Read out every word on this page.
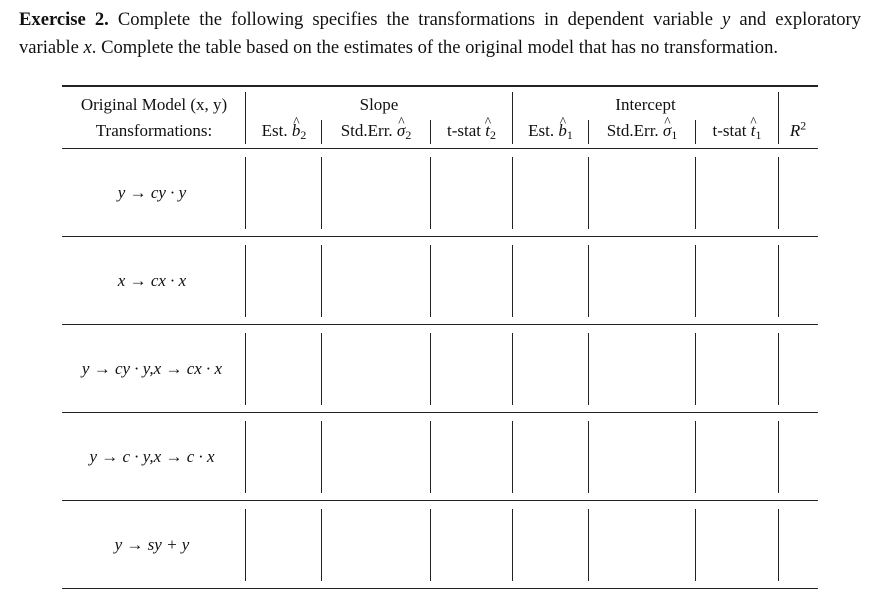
Exercise 2. Complete the following specifies the transformations in dependent variable y and exploratory variable x. Complete the table based on the estimates of the original model that has no transformation.
Original Model (x, y)
Transformations:
Slope	Intercept
Est. ^ $b_2$	Std.Err. ^ $\sigma_2$	t-stat ^ $t_2$	Est. ^ $b_1$	Std.Err. ^ $\sigma_1$	t-stat ^ $t_1$	$R^2$
y → cy · y
x → cx · x
y → cy · y,x → cx · x
y → c · y,x → c · x
y → sy + y
